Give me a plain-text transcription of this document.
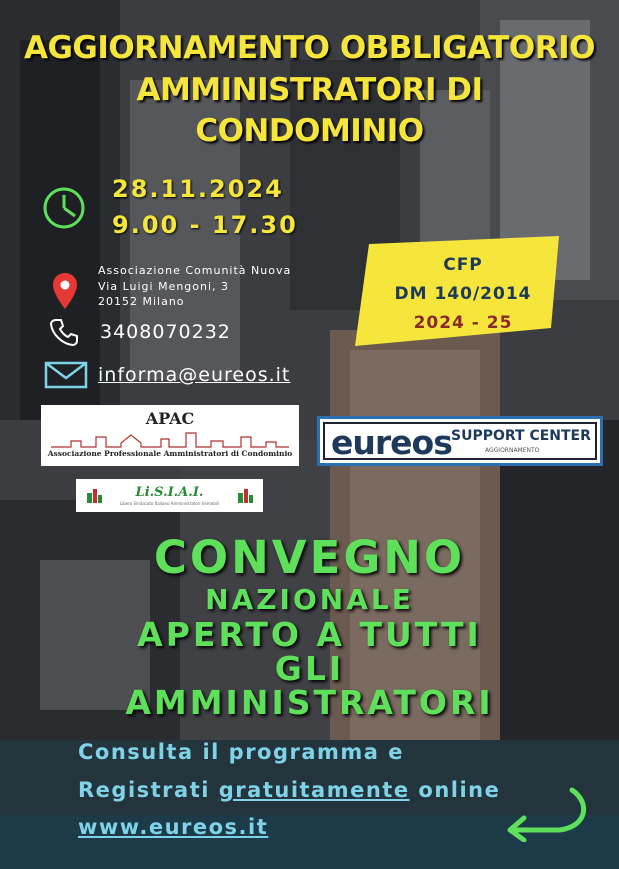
AGGIORNAMENTO OBBLIGATORIO
AMMINISTRATORI DI
CONDOMINIO
28.11.2024
9.00 - 17.30
Associazione Comunità Nuova
Via Luigi Mengoni, 3
20152 Milano
3408070232
informa@eureos.it
CFP
DM 140/2014
2024 - 25
APAC
Associazione Professionale Amministratori di Condominio eureos SUPPORT CENTER
AGGIORNAMENTO
Li.S.I.A.I.
Libero Sindacato Italiano Amministratori Immobili
CONVEGNO
NAZIONALE
APERTO A TUTTI
GLI
AMMINISTRATORI
Consulta il programma e
Registrati gratuitamente online
www.eureos.it
